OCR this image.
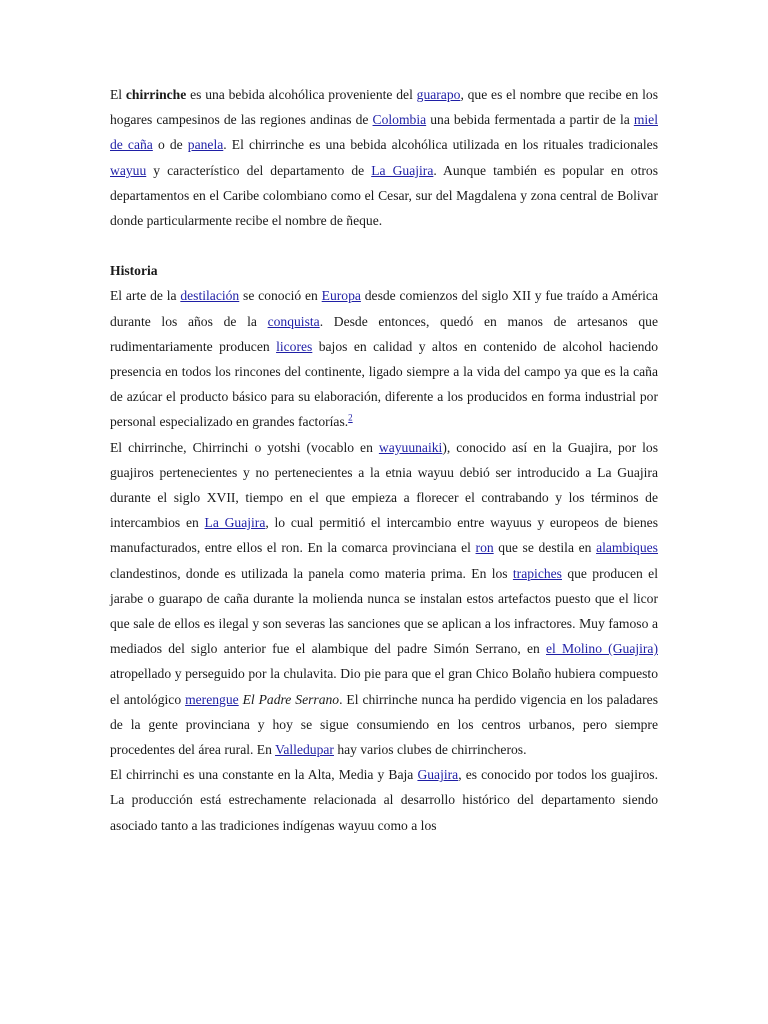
El chirrinche es una bebida alcohólica proveniente del guarapo, que es el nombre que recibe en los hogares campesinos de las regiones andinas de Colombia una bebida fermentada a partir de la miel de caña o de panela. El chirrinche es una bebida alcohólica utilizada en los rituales tradicionales wayuu y característico del departamento de La Guajira. Aunque también es popular en otros departamentos en el Caribe colombiano como el Cesar, sur del Magdalena y zona central de Bolivar donde particularmente recibe el nombre de ñeque.

Historia

El arte de la destilación se conoció en Europa desde comienzos del siglo XII y fue traído a América durante los años de la conquista. Desde entonces, quedó en manos de artesanos que rudimentariamente producen licores bajos en calidad y altos en contenido de alcohol haciendo presencia en todos los rincones del continente, ligado siempre a la vida del campo ya que es la caña de azúcar el producto básico para su elaboración, diferente a los producidos en forma industrial por personal especializado en grandes factorías.$^2$

El chirrinche, Chirrinchi o yotshi (vocablo en wayuunaiki), conocido así en la Guajira, por los guajiros pertenecientes y no pertenecientes a la etnia wayuu debió ser introducido a La Guajira durante el siglo XVII, tiempo en el que empieza a florecer el contrabando y los términos de intercambios en La Guajira, lo cual permitió el intercambio entre wayuus y europeos de bienes manufacturados, entre ellos el ron. En la comarca provinciana el ron que se destila en alambiques clandestinos, donde es utilizada la panela como materia prima. En los trapiches que producen el jarabe o guarapo de caña durante la molienda nunca se instalan estos artefactos puesto que el licor que sale de ellos es ilegal y son severas las sanciones que se aplican a los infractores. Muy famoso a mediados del siglo anterior fue el alambique del padre Simón Serrano, en el Molino (Guajira) atropellado y perseguido por la chulavita. Dio pie para que el gran Chico Bolaño hubiera compuesto el antológico merengue El Padre Serrano. El chirrinche nunca ha perdido vigencia en los paladares de la gente provinciana y hoy se sigue consumiendo en los centros urbanos, pero siempre procedentes del área rural. En Valledupar hay varios clubes de chirrincheros.

El chirrinchi es una constante en la Alta, Media y Baja Guajira, es conocido por todos los guajiros. La producción está estrechamente relacionada al desarrollo histórico del departamento siendo asociado tanto a las tradiciones indígenas wayuu como a los
